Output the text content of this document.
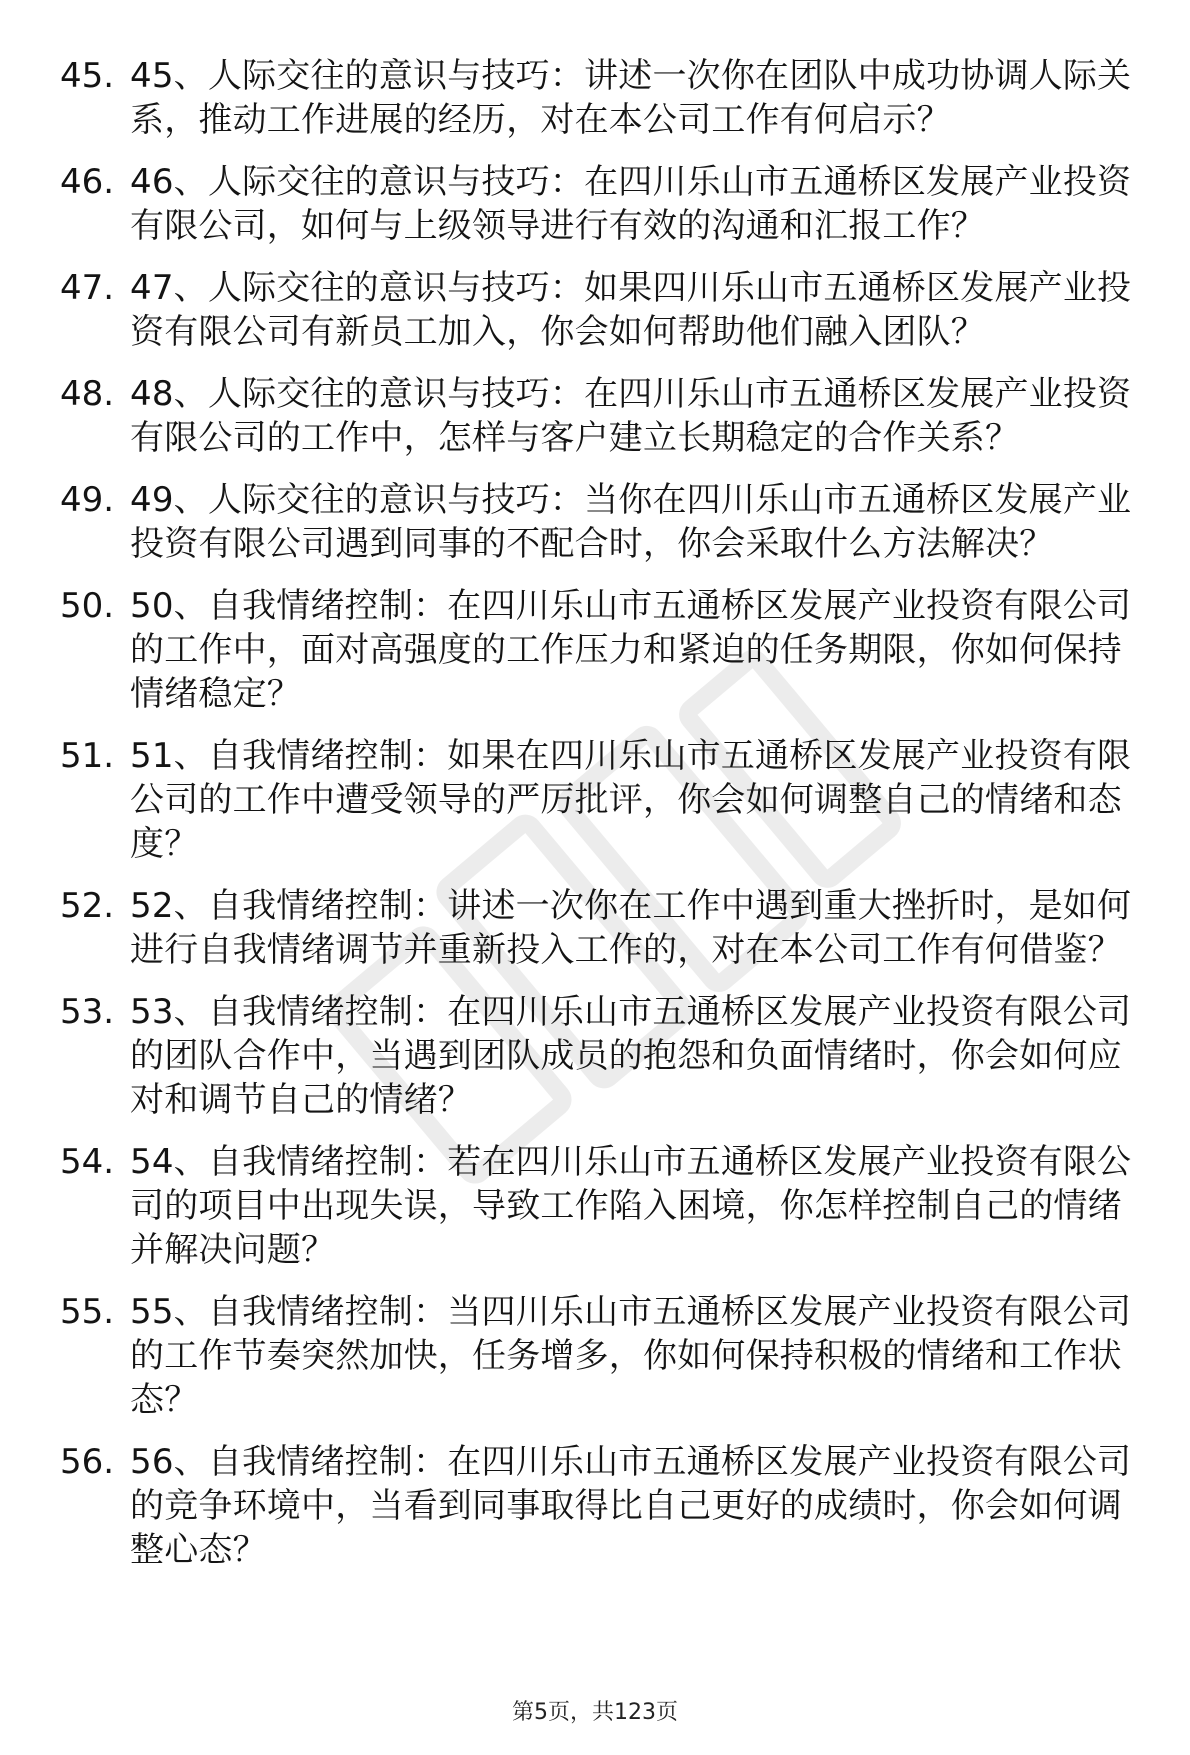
45. 45、人际交往的意识与技巧：讲述一次你在团队中成功协调人际关系，推动工作进展的经历，对在本公司工作有何启示？
46. 46、人际交往的意识与技巧：在四川乐山市五通桥区发展产业投资有限公司，如何与上级领导进行有效的沟通和汇报工作？
47. 47、人际交往的意识与技巧：如果四川乐山市五通桥区发展产业投资有限公司有新员工加入，你会如何帮助他们融入团队？
48. 48、人际交往的意识与技巧：在四川乐山市五通桥区发展产业投资有限公司的工作中，怎样与客户建立长期稳定的合作关系？
49. 49、人际交往的意识与技巧：当你在四川乐山市五通桥区发展产业投资有限公司遇到同事的不配合时，你会采取什么方法解决？
50. 50、自我情绪控制：在四川乐山市五通桥区发展产业投资有限公司的工作中，面对高强度的工作压力和紧迫的任务期限，你如何保持情绪稳定？
51. 51、自我情绪控制：如果在四川乐山市五通桥区发展产业投资有限公司的工作中遭受领导的严厉批评，你会如何调整自己的情绪和态度？
52. 52、自我情绪控制：讲述一次你在工作中遇到重大挫折时，是如何进行自我情绪调节并重新投入工作的，对在本公司工作有何借鉴？
53. 53、自我情绪控制：在四川乐山市五通桥区发展产业投资有限公司的团队合作中，当遇到团队成员的抱怨和负面情绪时，你会如何应对和调节自己的情绪？
54. 54、自我情绪控制：若在四川乐山市五通桥区发展产业投资有限公司的项目中出现失误，导致工作陷入困境，你怎样控制自己的情绪并解决问题？
55. 55、自我情绪控制：当四川乐山市五通桥区发展产业投资有限公司的工作节奏突然加快，任务增多，你如何保持积极的情绪和工作状态？
56. 56、自我情绪控制：在四川乐山市五通桥区发展产业投资有限公司的竞争环境中，当看到同事取得比自己更好的成绩时，你会如何调整心态？
第5页，共123页
